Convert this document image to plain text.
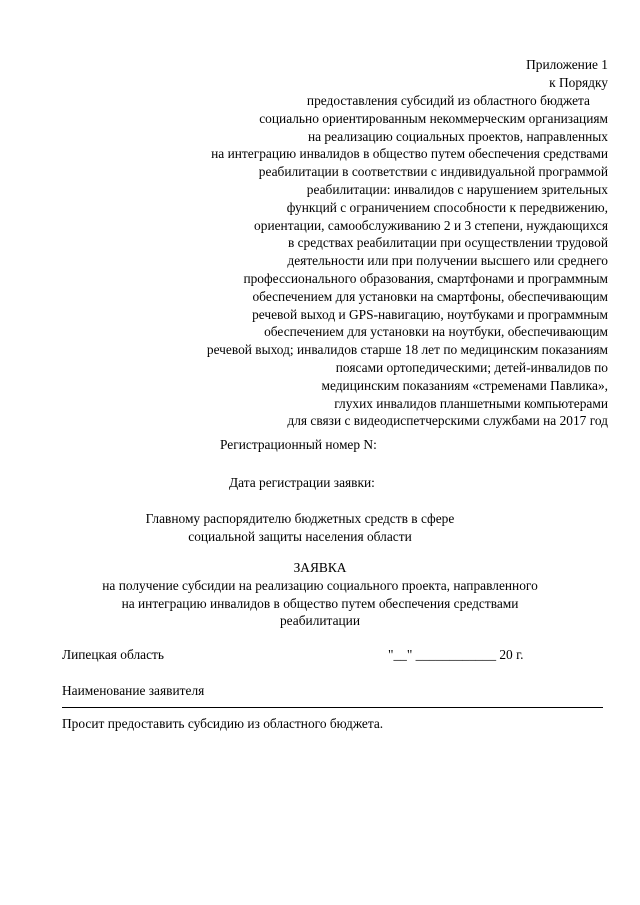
Приложение 1
к Порядку
предоставления субсидий из областного бюджета
социально ориентированным некоммерческим организациям
на реализацию социальных проектов, направленных
на интеграцию инвалидов в общество путем обеспечения средствами
реабилитации в соответствии с индивидуальной программой
реабилитации: инвалидов с нарушением зрительных
функций с ограничением способности к передвижению,
ориентации, самообслуживанию 2 и 3 степени, нуждающихся
в средствах реабилитации при осуществлении трудовой
деятельности или при получении высшего или среднего
профессионального образования, смартфонами и программным
обеспечением для установки на смартфоны, обеспечивающим
речевой выход и GPS-навигацию, ноутбуками и программным
обеспечением для установки на ноутбуки, обеспечивающим
речевой выход; инвалидов старше 18 лет по медицинским показаниям
поясами ортопедическими; детей-инвалидов по
медицинским показаниям «стременами Павлика»,
глухих инвалидов планшетными компьютерами
для связи с видеодиспетчерскими службами на 2017 год
Регистрационный номер N:
Дата регистрации заявки:
Главному распорядителю бюджетных средств в сфере
социальной защиты населения области
ЗАЯВКА
на получение субсидии на реализацию социального проекта, направленного
на интеграцию инвалидов в общество путем обеспечения средствами
реабилитации
Липецкая область	"__" ____________ 20 г.
Наименование заявителя
Просит предоставить субсидию из областного бюджета.
